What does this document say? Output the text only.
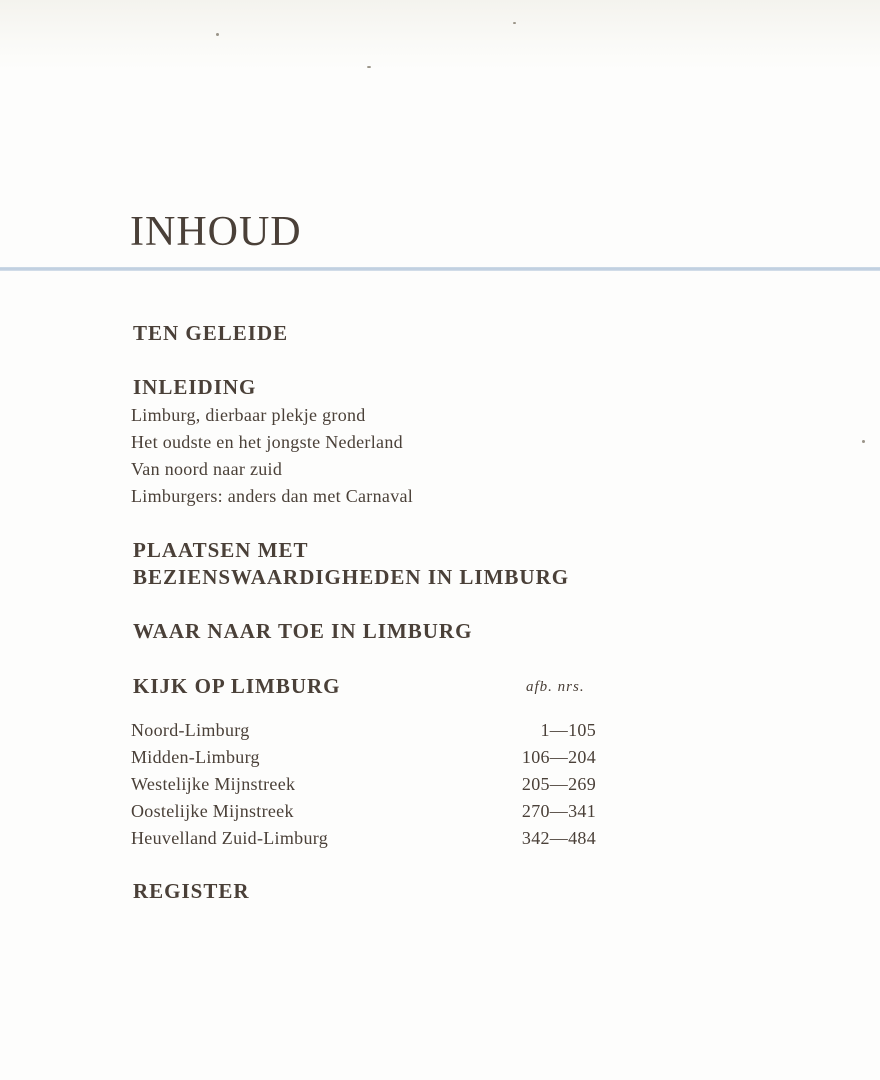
INHOUD
TEN GELEIDE
INLEIDING
Limburg, dierbaar plekje grond
Het oudste en het jongste Nederland
Van noord naar zuid
Limburgers: anders dan met Carnaval
PLAATSEN MET
BEZIENSWAARDIGHEDEN IN LIMBURG
WAAR NAAR TOE IN LIMBURG
KIJK OP LIMBURG	afb. nrs.
Noord-Limburg	1—105
Midden-Limburg	106—204
Westelijke Mijnstreek	205—269
Oostelijke Mijnstreek	270—341
Heuvelland Zuid-Limburg	342—484
REGISTER
